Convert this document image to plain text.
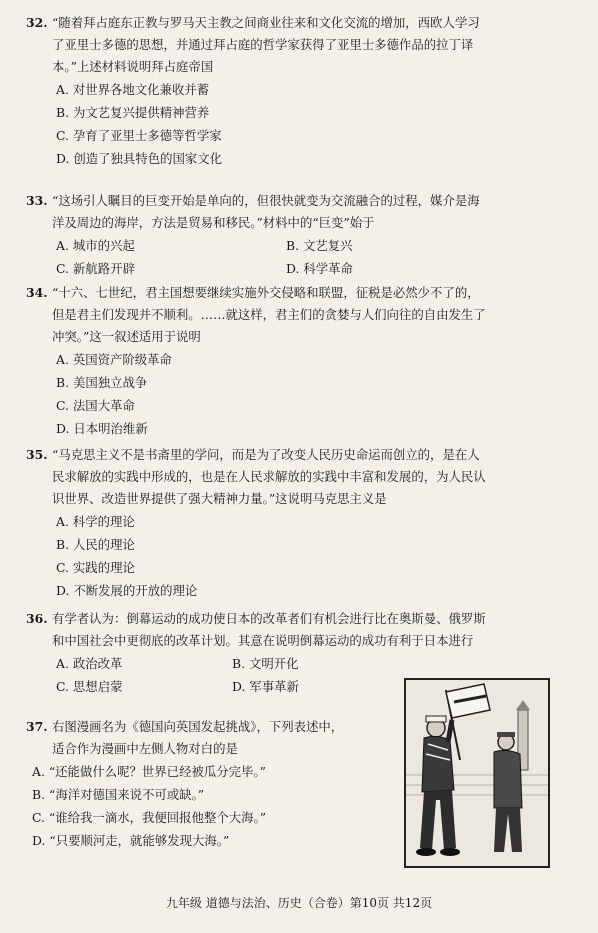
32. “随着拜占庭东正教与罗马天主教之间商业往来和文化交流的增加，西欧人学习
了亚里士多德的思想，并通过拜占庭的哲学家获得了亚里士多德作品的拉丁译
本。”上述材料说明拜占庭帝国
A. 对世界各地文化兼收并蓄
B. 为文艺复兴提供精神营养
C. 孕育了亚里士多德等哲学家
D. 创造了独具特色的国家文化
33. “这场引人瞩目的巨变开始是单向的，但很快就变为交流融合的过程，媒介是海
洋及周边的海岸，方法是贸易和移民。”材料中的“巨变”始于
A. 城市的兴起	B. 文艺复兴
C. 新航路开辟	D. 科学革命
34. “十六、七世纪，君主国想要继续实施外交侵略和联盟，征税是必然少不了的，
但是君主们发现并不顺利。……就这样，君主们的贪婪与人们向往的自由发生了
冲突。”这一叙述适用于说明
A. 英国资产阶级革命
B. 美国独立战争
C. 法国大革命
D. 日本明治维新
35. “马克思主义不是书斋里的学问，而是为了改变人民历史命运而创立的，是在人
民求解放的实践中形成的，也是在人民求解放的实践中丰富和发展的，为人民认
识世界、改造世界提供了强大精神力量。”这说明马克思主义是
A. 科学的理论
B. 人民的理论
C. 实践的理论
D. 不断发展的开放的理论
36. 有学者认为：倒幕运动的成功使日本的改革者们有机会进行比在奥斯曼、俄罗斯
和中国社会中更彻底的改革计划。其意在说明倒幕运动的成功有利于日本进行
A. 政治改革	B. 文明开化
C. 思想启蒙	D. 军事革新
37. 右图漫画名为《德国向英国发起挑战》，下列表述中，
适合作为漫画中左侧人物对白的是
A. “还能做什么呢？世界已经被瓜分完毕。”
B. “海洋对德国来说不可或缺。”
C. “谁给我一滴水，我便回报他整个大海。”
D. “只要顺河走，就能够发现大海。”
九年级 道德与法治、历史（合卷）第10页 共12页
